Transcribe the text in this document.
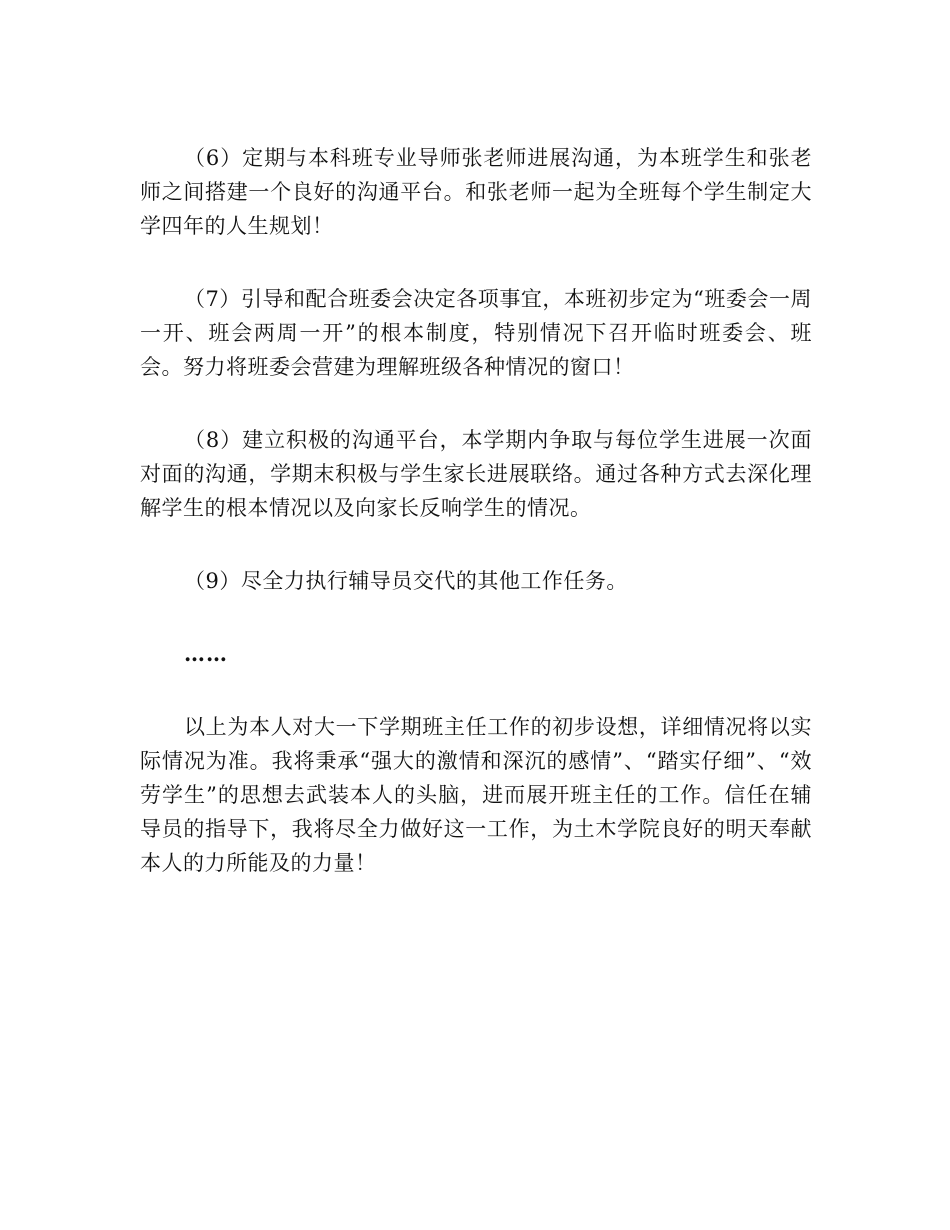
（6）定期与本科班专业导师张老师进展沟通，为本班学生和张老师之间搭建一个良好的沟通平台。和张老师一起为全班每个学生制定大学四年的人生规划！

（7）引导和配合班委会决定各项事宜，本班初步定为“班委会一周一开、班会两周一开”的根本制度，特别情况下召开临时班委会、班会。努力将班委会营建为理解班级各种情况的窗口！

（8）建立积极的沟通平台，本学期内争取与每位学生进展一次面对面的沟通，学期末积极与学生家长进展联络。通过各种方式去深化理解学生的根本情况以及向家长反响学生的情况。

（9）尽全力执行辅导员交代的其他工作任务。

……

以上为本人对大一下学期班主任工作的初步设想，详细情况将以实际情况为准。我将秉承“强大的激情和深沉的感情”、“踏实仔细”、“效劳学生”的思想去武装本人的头脑，进而展开班主任的工作。信任在辅导员的指导下，我将尽全力做好这一工作，为土木学院良好的明天奉献本人的力所能及的力量！
